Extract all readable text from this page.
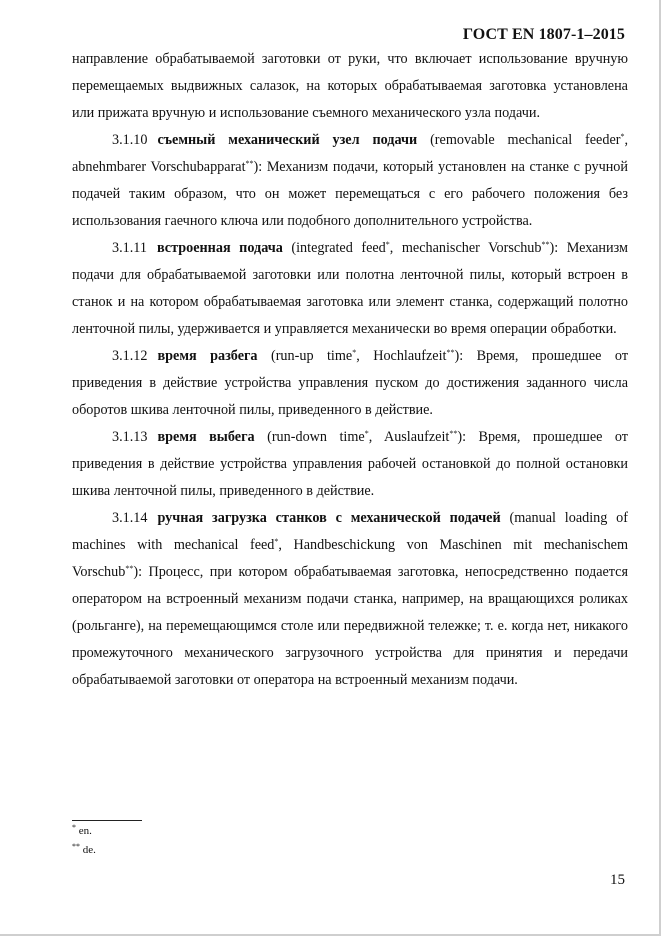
ГОСТ EN 1807-1–2015

направление обрабатываемой заготовки от руки, что включает использование вручную перемещаемых выдвижных салазок, на которых обрабатываемая заготовка установлена или прижата вручную и использование съемного механического узла подачи.

3.1.10 съемный механический узел подачи (removable mechanical feeder*, abnehmbarer Vorschubapparat**): Механизм подачи, который установлен на станке с ручной подачей таким образом, что он может перемещаться с его рабочего положения без использования гаечного ключа или подобного дополнительного устройства.

3.1.11 встроенная подача (integrated feed*, mechanischer Vorschub**): Механизм подачи для обрабатываемой заготовки или полотна ленточной пилы, который встроен в станок и на котором обрабатываемая заготовка или элемент станка, содержащий полотно ленточной пилы, удерживается и управляется механически во время операции обработки.

3.1.12 время разбега (run-up time*, Hochlaufzeit**): Время, прошедшее от приведения в действие устройства управления пуском до достижения заданного числа оборотов шкива ленточной пилы, приведенного в действие.

3.1.13 время выбега (run-down time*, Auslaufzeit**): Время, прошедшее от приведения в действие устройства управления рабочей остановкой до полной остановки шкива ленточной пилы, приведенного в действие.

3.1.14 ручная загрузка станков с механической подачей (manual loading of machines with mechanical feed*, Handbeschickung von Maschinen mit mechanischem Vorschub**): Процесс, при котором обрабатываемая заготовка, непосредственно подается оператором на встроенный механизм подачи станка, например, на вращающихся роликах (рольганге), на перемещающимся столе или передвижной тележке; т. е. когда нет, никакого промежуточного механического загрузочного устройства для принятия и передачи обрабатываемой заготовки от оператора на встроенный механизм подачи.

* en.
** de.
15
